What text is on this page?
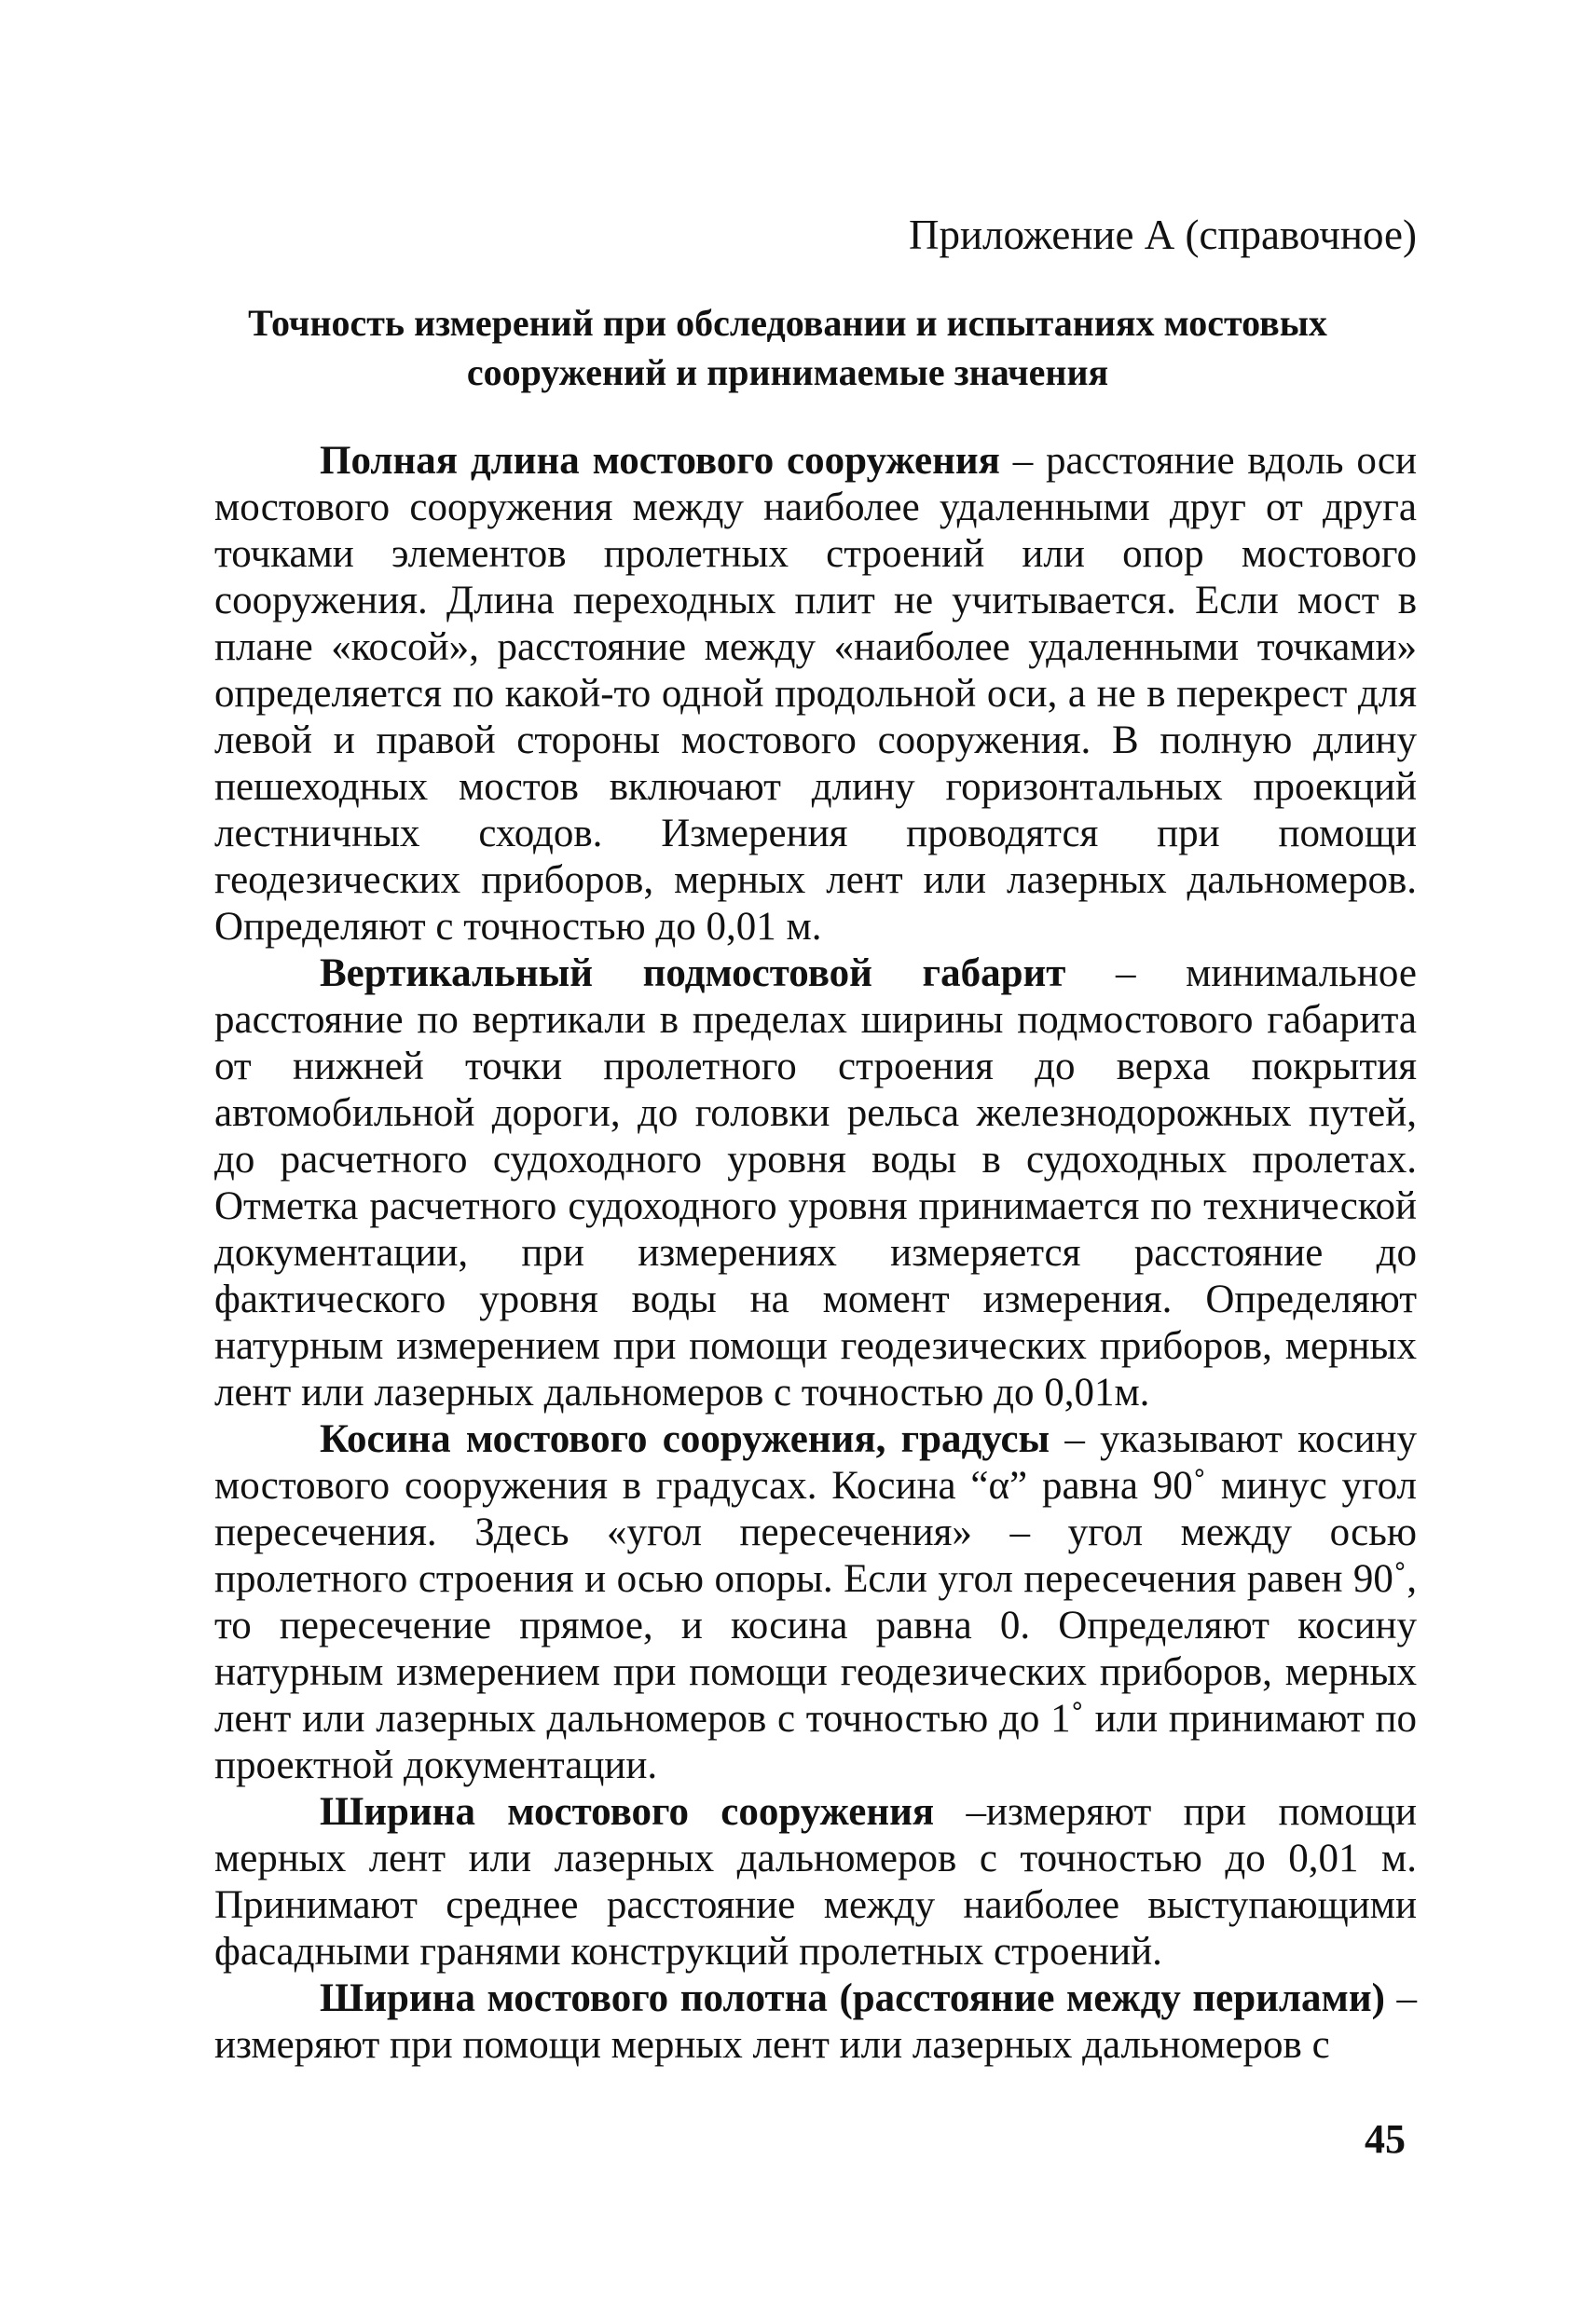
Приложение А (справочное)
Точность измерений при обследовании и испытаниях мостовых
сооружений и принимаемые значения

Полная длина мостового сооружения – расстояние вдоль оси мостового сооружения между наиболее удаленными друг от друга точками элементов пролетных строений или опор мостового сооружения. Длина переходных плит не учитывается. Если мост в плане «косой», расстояние между «наиболее удаленными точками» определяется по какой-то одной продольной оси, а не в перекрест для левой и правой стороны мостового сооружения. В полную длину пешеходных мостов включают длину горизонтальных проекций лестничных сходов. Измерения проводятся при помощи геодезических приборов, мерных лент или лазерных дальномеров. Определяют с точностью до 0,01 м.

Вертикальный подмостовой габарит – минимальное расстояние по вертикали в пределах ширины подмостового габарита от нижней точки пролетного строения до верха покрытия автомобильной дороги, до головки рельса железнодорожных путей, до расчетного судоходного уровня воды в судоходных пролетах. Отметка расчетного судоходного уровня принимается по технической документации, при измерениях измеряется расстояние до фактического уровня воды на момент измерения. Определяют натурным измерением при помощи геодезических приборов, мерных лент или лазерных дальномеров с точностью до 0,01м.

Косина мостового сооружения, градусы – указывают косину мостового сооружения в градусах. Косина “α” равна 90˚ минус угол пересечения. Здесь «угол пересечения» – угол между осью пролетного строения и осью опоры. Если угол пересечения равен 90˚, то пересечение прямое, и косина равна 0. Определяют косину натурным измерением при помощи геодезических приборов, мерных лент или лазерных дальномеров с точностью до 1˚ или принимают по проектной документации.

Ширина мостового сооружения –измеряют при помощи мерных лент или лазерных дальномеров с точностью до 0,01 м. Принимают среднее расстояние между наиболее выступающими фасадными гранями конструкций пролетных строений.

Ширина мостового полотна (расстояние между перилами) – измеряют при помощи мерных лент или лазерных дальномеров с

45
